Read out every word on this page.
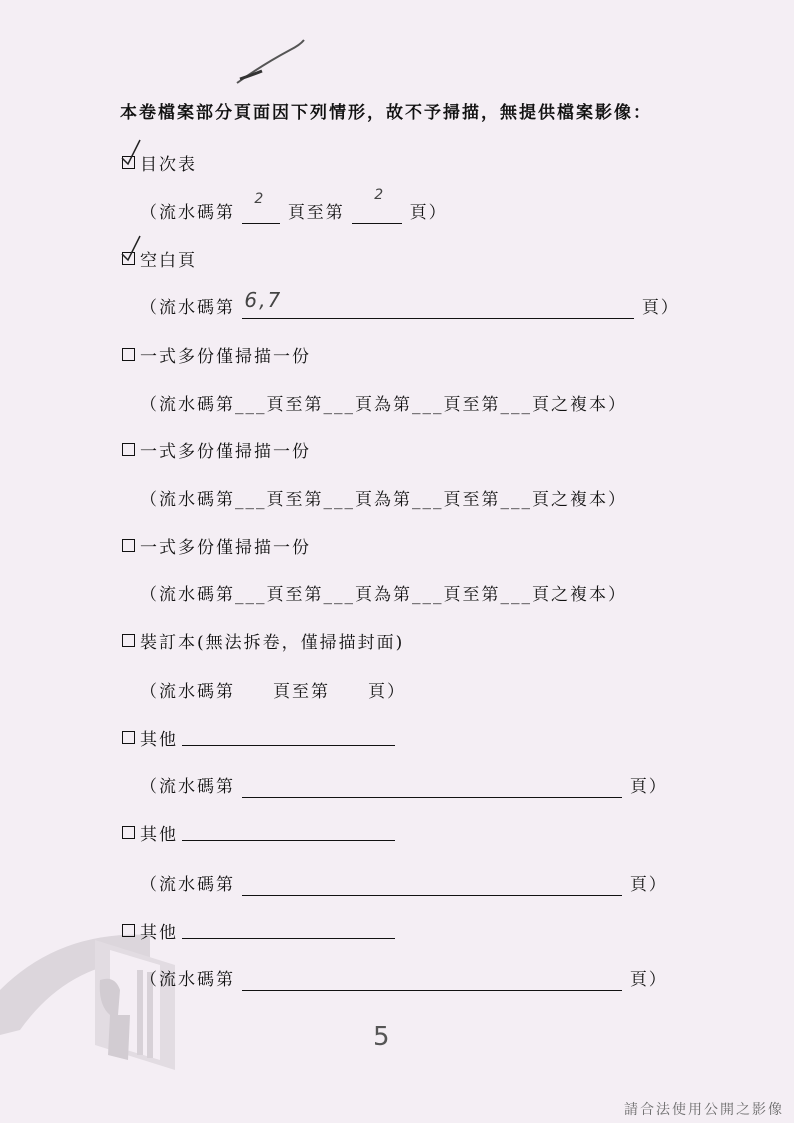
本卷檔案部分頁面因下列情形，故不予掃描，無提供檔案影像：
目次表
（流水碼第
2
頁至第
2
頁）
空白頁
（流水碼第 6,7	頁）
一式多份僅掃描一份
（流水碼第___頁至第___頁為第___頁至第___頁之複本）
一式多份僅掃描一份
（流水碼第___頁至第___頁為第___頁至第___頁之複本）
一式多份僅掃描一份
（流水碼第___頁至第___頁為第___頁至第___頁之複本）
裝訂本(無法拆卷，僅掃描封面)
（流水碼第　　頁至第　　頁）
其他
（流水碼第	頁）
其他
（流水碼第	頁）
其他
（流水碼第	頁）
5
請合法使用公開之影像
